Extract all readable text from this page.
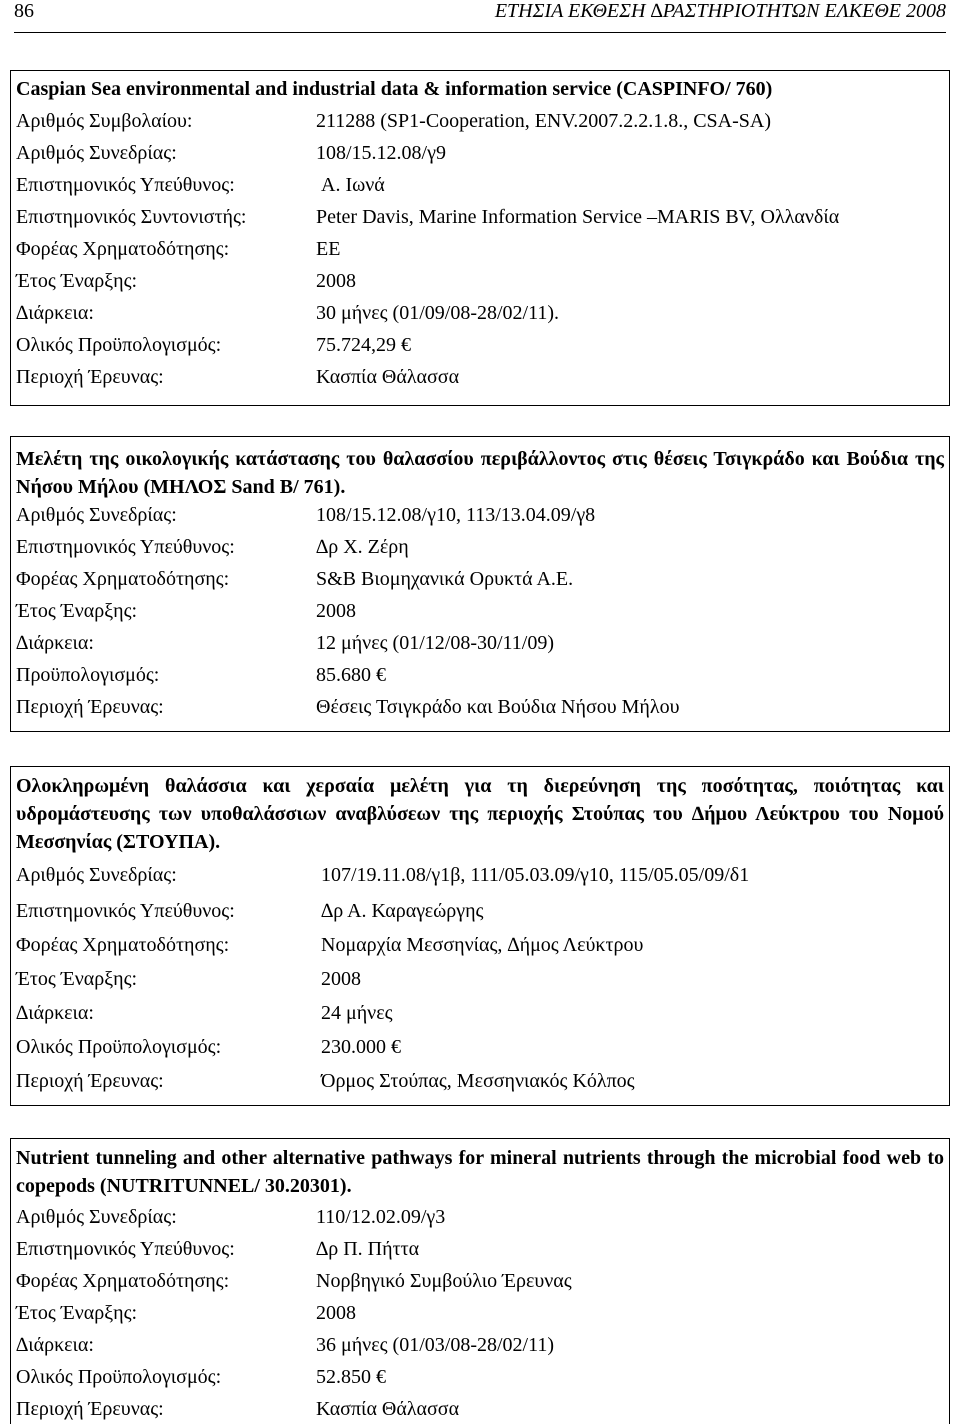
86	ΕΤΗΣΙΑ ΕΚΘΕΣΗ ∆ΡΑΣΤΗΡΙΟΤΗΤΩΝ ΕΛΚΕΘΕ 2008

Caspian Sea environmental and industrial data & information service (CASPINFO/ 760)

Αριθμός Συμβολαίου:	211288 (SP1-Cooperation, ENV.2007.2.2.1.8., CSA-SA)
Αριθμός Συνεδρίας:	108/15.12.08/γ9
Επιστημονικός Υπεύθυνος:	Α. Ιωνά
Επιστημονικός Συντονιστής:	Peter Davis, Marine Information Service –MARIS BV, Ολλανδία
Φορέας Χρηματοδότησης:	ΕΕ
Έτος Έναρξης:	2008
∆ιάρκεια:	30 μήνες (01/09/08-28/02/11).
Ολικός Προϋπολογισμός:	75.724,29 €
Περιοχή Έρευνας:	Κασπία Θάλασσα

Μελέτη της οικολογικής κατάστασης του θαλασσίου περιβάλλοντος στις θέσεις Τσιγκράδο και Βούδια της Νήσου Μήλου (ΜΗΛΟΣ Sand B/ 761).

Αριθμός Συνεδρίας:	108/15.12.08/γ10, 113/13.04.09/γ8
Επιστημονικός Υπεύθυνος:	∆ρ Χ. Ζέρη
Φορέας Χρηματοδότησης:	S&B Βιομηχανικά Ορυκτά Α.Ε.
Έτος Έναρξης:	2008
∆ιάρκεια:	12 μήνες (01/12/08-30/11/09)
Προϋπολογισμός:	85.680 €
Περιοχή Έρευνας:	Θέσεις Τσιγκράδο και Βούδια Νήσου Μήλου

Ολοκληρωμένη θαλάσσια και χερσαία μελέτη για τη διερεύνηση της ποσότητας, ποιότητας και υδρομάστευσης των υποθαλάσσιων αναβλύσεων της περιοχής Στούπας του ∆ήμου Λεύκτρου του Νομού Μεσσηνίας (ΣΤΟΥΠΑ).

Αριθμός Συνεδρίας:	107/19.11.08/γ1β, 111/05.03.09/γ10, 115/05.05/09/δ1
Επιστημονικός Υπεύθυνος:	∆ρ Α. Καραγεώργης
Φορέας Χρηματοδότησης:	Νομαρχία Μεσσηνίας, ∆ήμος Λεύκτρου
Έτος Έναρξης:	2008
∆ιάρκεια:	24 μήνες
Ολικός Προϋπολογισμός:	230.000 €
Περιοχή Έρευνας:	Όρμος Στούπας, Μεσσηνιακός Κόλπος

Nutrient tunneling and other alternative pathways for mineral nutrients through the microbial food web to copepods (NUTRITUNNEL/ 30.20301).

Αριθμός Συνεδρίας:	110/12.02.09/γ3
Επιστημονικός Υπεύθυνος:	∆ρ Π. Πήττα
Φορέας Χρηματοδότησης:	Νορβηγικό Συμβούλιο Έρευνας
Έτος Έναρξης:	2008
∆ιάρκεια:	36 μήνες (01/03/08-28/02/11)
Ολικός Προϋπολογισμός:	52.850 €
Περιοχή Έρευνας:	Κασπία Θάλασσα
